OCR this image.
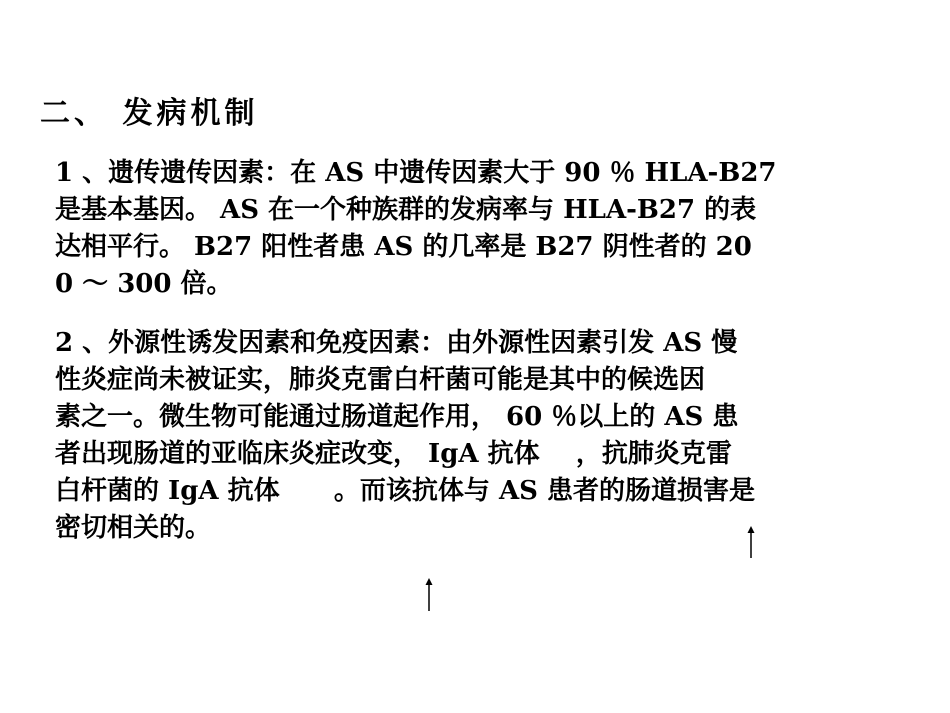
二、 发病机制
1 、遗传遗传因素：在 AS 中遗传因素大于 90 ％ HLA-B27
是基本基因。 AS 在一个种族群的发病率与 HLA-B27 的表
达相平行。 B27 阳性者患 AS 的几率是 B27 阴性者的 20
0 ～ 300 倍。
2 、外源性诱发因素和免疫因素：由外源性因素引发 AS 慢
性炎症尚未被证实，肺炎克雷白杆菌可能是其中的候选因
素之一。微生物可能通过肠道起作用， 60 ％以上的 AS 患
者出现肠道的亚临床炎症改变， IgA 抗体    ，抗肺炎克雷
白杆菌的 IgA 抗体      。而该抗体与 AS 患者的肠道损害是
密切相关的。
